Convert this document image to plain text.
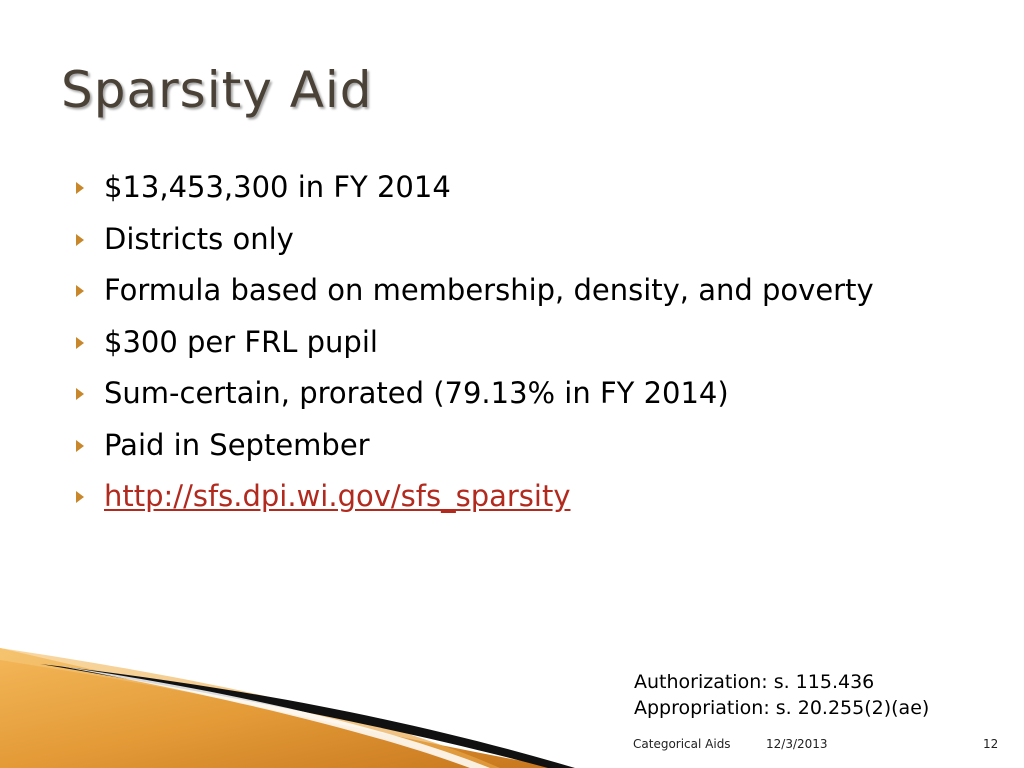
Sparsity Aid
$13,453,300 in FY 2014
Districts only
Formula based on membership, density, and poverty
$300 per FRL pupil
Sum-certain, prorated (79.13% in FY 2014)
Paid in September
http://sfs.dpi.wi.gov/sfs_sparsity
Authorization: s. 115.436
Appropriation: s. 20.255(2)(ae)
Categorical Aids	12/3/2013	12
